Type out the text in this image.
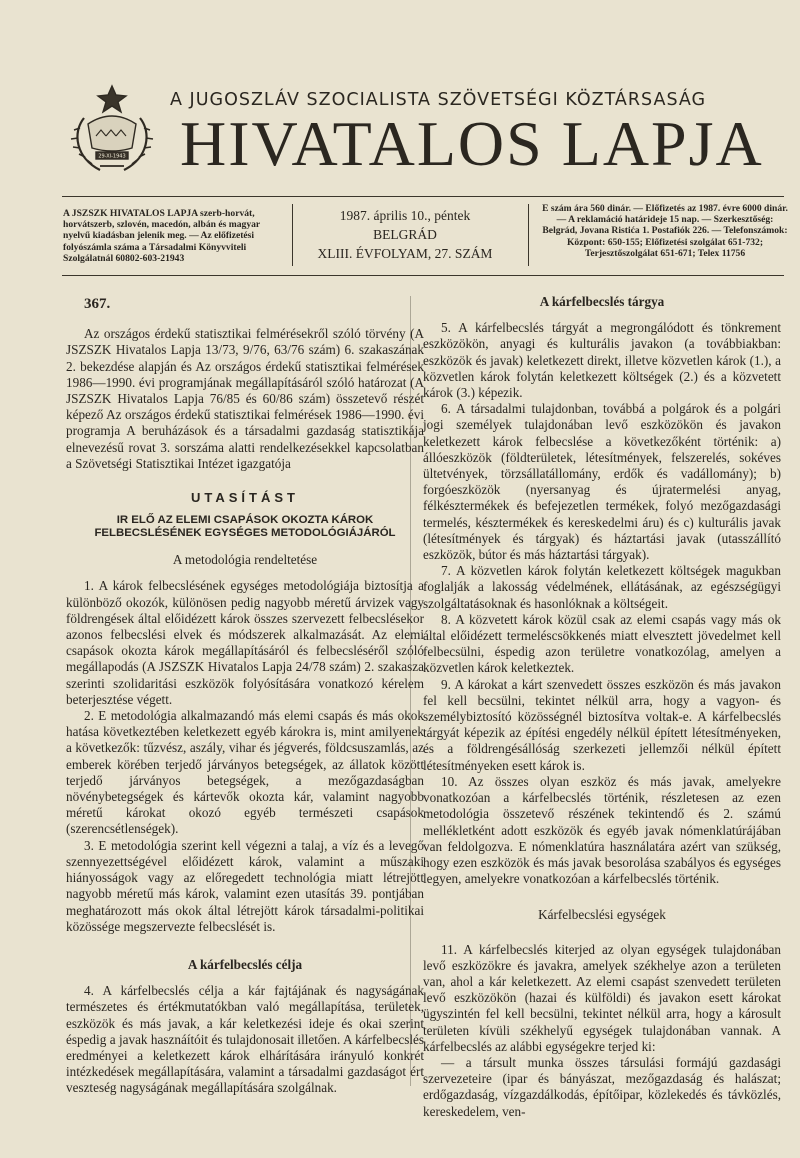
29-XI-1943
A JUGOSZLÁV SZOCIALISTA SZÖVETSÉGI KÖZTÁRSASÁG
HIVATALOS LAPJA
A JSZSZK HIVATALOS LAPJA szerb-horvát, horvátszerb, szlovén, macedón, albán és magyar nyelvű kiadásban jelenik meg. — Az előfizetési folyószámla száma a Társadalmi Könyvviteli Szolgálatnál 60802-603-21943
1987. április 10., péntek
BELGRÁD
XLIII. ÉVFOLYAM, 27. SZÁM
E szám ára 560 dinár. — Előfizetés az 1987. évre 6000 dinár. — A reklamáció határideje 15 nap. — Szerkesztőség: Belgrád, Jovana Ristića 1. Postafiók 226. — Telefonszámok: Központ: 650-155; Előfizetési szolgálat 651-732; Terjesztőszolgálat 651-671; Telex 11756
367.

Az országos érdekű statisztikai felmérésekről szóló törvény (A JSZSZK Hivatalos Lapja 13/73, 9/76, 63/76 szám) 6. szakaszának 2. bekezdése alapján és Az országos érdekű statisztikai felmérések 1986—1990. évi programjának megállapításáról szóló határozat (A JSZSZK Hivatalos Lapja 76/85 és 60/86 szám) összetevő részét képező Az országos érdekű statisztikai felmérések 1986—1990. évi programja A beruházások és a társadalmi gazdaság statisztikája elnevezésű rovat 3. sorszáma alatti rendelkezésekkel kapcsolatban a Szövetségi Statisztikai Intézet igazgatója

UTASÍTÁST
IR ELŐ AZ ELEMI CSAPÁSOK OKOZTA KÁROK FELBECSLÉSÉNEK EGYSÉGES METODOLÓGIÁJÁRÓL
A metodológia rendeltetése

1. A károk felbecslésének egységes metodológiája biztosítja a különböző okozók, különösen pedig nagyobb méretű árvizek vagy földrengések által előidézett károk összes szervezett felbecslésekor azonos felbecslési elvek és módszerek alkalmazását. Az elemi csapások okozta károk megállapításáról és felbecsléséről szóló megállapodás (A JSZSZK Hivatalos Lapja 24/78 szám) 2. szakasza szerinti szolidaritási eszközök folyósítására vonatkozó kérelem beterjesztése végett.

2. E metodológia alkalmazandó más elemi csapás és más okok hatása következtében keletkezett egyéb károkra is, mint amilyenek a következők: tűzvész, aszály, vihar és jégverés, földcsuszamlás, az emberek körében terjedő járványos betegségek, az állatok között terjedő járványos betegségek, a mezőgazdaságban növénybetegségek és kártevők okozta kár, valamint nagyobb méretű károkat okozó egyéb természeti csapások (szerencsétlenségek).

3. E metodológia szerint kell végezni a talaj, a víz és a levegő szennyezettségével előidézett károk, valamint a műszaki hiányosságok vagy az előregedett technológia miatt létrejött nagyobb méretű más károk, valamint ezen utasítás 39. pontjában meghatározott más okok által létrejött károk társadalmi-politikai közössége megszervezte felbecslését is.

A kárfelbecslés célja

4. A kárfelbecslés célja a kár fajtájának és nagyságának természetes és értékmutatókban való megállapítása, területek, eszközök és más javak, a kár keletkezési ideje és okai szerint éspedig a javak hasznáítóit és tulajdonosait illetően. A kárfelbecslés eredményei a keletkezett károk elhárítására irányuló konkrét intézkedések megállapítására, valamint a társadalmi gazdaságot ért veszteség nagyságának megállapítására szolgálnak.

A kárfelbecslés tárgya

5. A kárfelbecslés tárgyát a megrongálódott és tönkrement eszközökön, anyagi és kulturális javakon (a továbbiakban: eszközök és javak) keletkezett direkt, illetve közvetlen károk (1.), a közvetlen károk folytán keletkezett költségek (2.) és a közvetett károk (3.) képezik.

6. A társadalmi tulajdonban, továbbá a polgárok és a polgári jogi személyek tulajdonában levő eszközökön és javakon keletkezett károk felbecslése a következőként történik: a) állóeszközök (földterületek, létesítmények, felszerelés, sokéves ültetvények, törzsállatállomány, erdők és vadállomány); b) forgóeszközök (nyersanyag és újratermelési anyag, félkésztermékek és befejezetlen termékek, folyó mezőgazdasági termelés, késztermékek és kereskedelmi áru) és c) kulturális javak (létesítmények és tárgyak) és háztartási javak (utasszállító eszközök, bútor és más háztartási tárgyak).

7. A közvetlen károk folytán keletkezett költségek magukban foglalják a lakosság védelmének, ellátásának, az egészségügyi szolgáltatásoknak és hasonlóknak a költségeit.

8. A közvetett károk közül csak az elemi csapás vagy más ok által előidézett termeléscsökkenés miatt elvesztett jövedelmet kell felbecsülni, éspedig azon területre vonatkozólag, amelyen a közvetlen károk keletkeztek.

9. A károkat a kárt szenvedett összes eszközön és más javakon fel kell becsülni, tekintet nélkül arra, hogy a vagyon- és személybiztosító közösségnél biztosítva voltak-e. A kárfelbecslés tárgyát képezik az építési engedély nélkül épített létesítményeken, és a földrengésállóság szerkezeti jellemzői nélkül épített létesítményeken esett károk is.

10. Az összes olyan eszköz és más javak, amelyekre vonatkozóan a kárfelbecslés történik, részletesen az ezen metodológia összetevő részének tekintendő és 2. számú mellékletként adott eszközök és egyéb javak nómenklatúrájában van feldolgozva. E nómenklatúra használatára azért van szükség, hogy ezen eszközök és más javak besorolása szabályos és egységes legyen, amelyekre vonatkozóan a kárfelbecslés történik.

Kárfelbecslési egységek

11. A kárfelbecslés kiterjed az olyan egységek tulajdonában levő eszközökre és javakra, amelyek székhelye azon a területen van, ahol a kár keletkezett. Az elemi csapást szenvedett területen levő eszközökön (hazai és külföldi) és javakon esett károkat ügyszintén fel kell becsülni, tekintet nélkül arra, hogy a károsult területen kívüli székhelyű egységek tulajdonában vannak. A kárfelbecslés az alábbi egységekre terjed ki:

— a társult munka összes társulási formájú gazdasági szervezeteire (ipar és bányászat, mezőgazdaság és halászat; erdőgazdaság, vízgazdálkodás, építőipar, közlekedés és távközlés, kereskedelem, ven-
